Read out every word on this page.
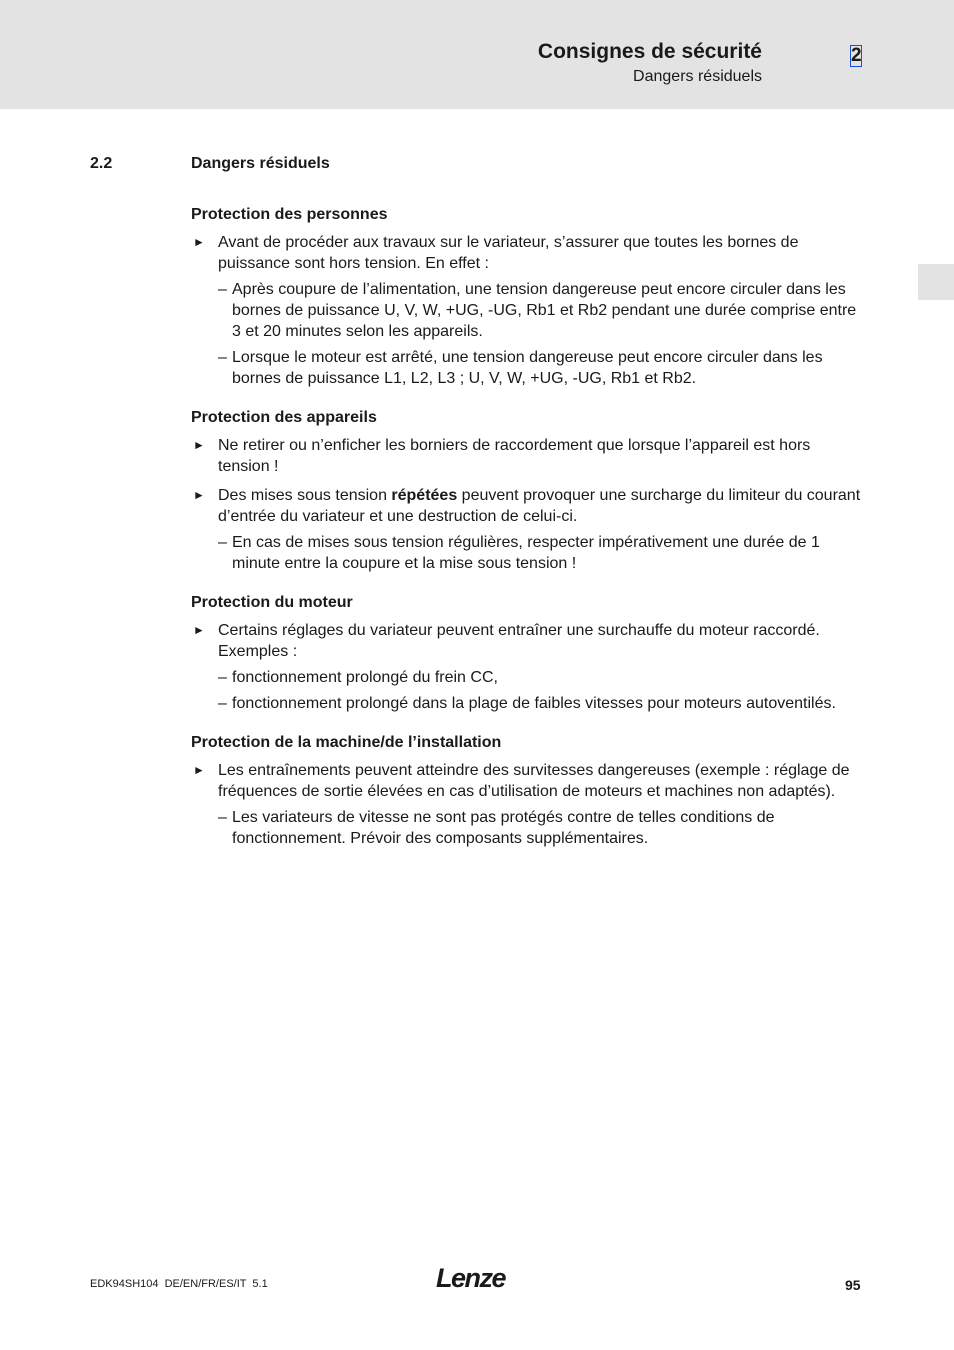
Consignes de sécurité
Dangers résiduels
2
2.2	Dangers résiduels
Protection des personnes
► Avant de procéder aux travaux sur le variateur, s’assurer que toutes les bornes de puissance sont hors tension. En effet :
– Après coupure de l’alimentation, une tension dangereuse peut encore circuler dans les bornes de puissance U, V, W, +UG, -UG, Rb1 et Rb2 pendant une durée comprise entre 3 et 20 minutes selon les appareils.
– Lorsque le moteur est arrêté, une tension dangereuse peut encore circuler dans les bornes de puissance L1, L2, L3 ; U, V, W, +UG, -UG, Rb1 et Rb2.
Protection des appareils
► Ne retirer ou n’enficher les borniers de raccordement que lorsque l’appareil est hors tension !
► Des mises sous tension répétées peuvent provoquer une surcharge du limiteur du courant d’entrée du variateur et une destruction de celui-ci.
– En cas de mises sous tension régulières, respecter impérativement une durée de 1 minute entre la coupure et la mise sous tension !
Protection du moteur
► Certains réglages du variateur peuvent entraîner une surchauffe du moteur raccordé. Exemples :
– fonctionnement prolongé du frein CC,
– fonctionnement prolongé dans la plage de faibles vitesses pour moteurs autoventilés.
Protection de la machine/de l’installation
► Les entraînements peuvent atteindre des survitesses dangereuses (exemple : réglage de fréquences de sortie élevées en cas d’utilisation de moteurs et machines non adaptés).
– Les variateurs de vitesse ne sont pas protégés contre de telles conditions de fonctionnement. Prévoir des composants supplémentaires.
EDK94SH104  DE/EN/FR/ES/IT  5.1	Lenze	95
